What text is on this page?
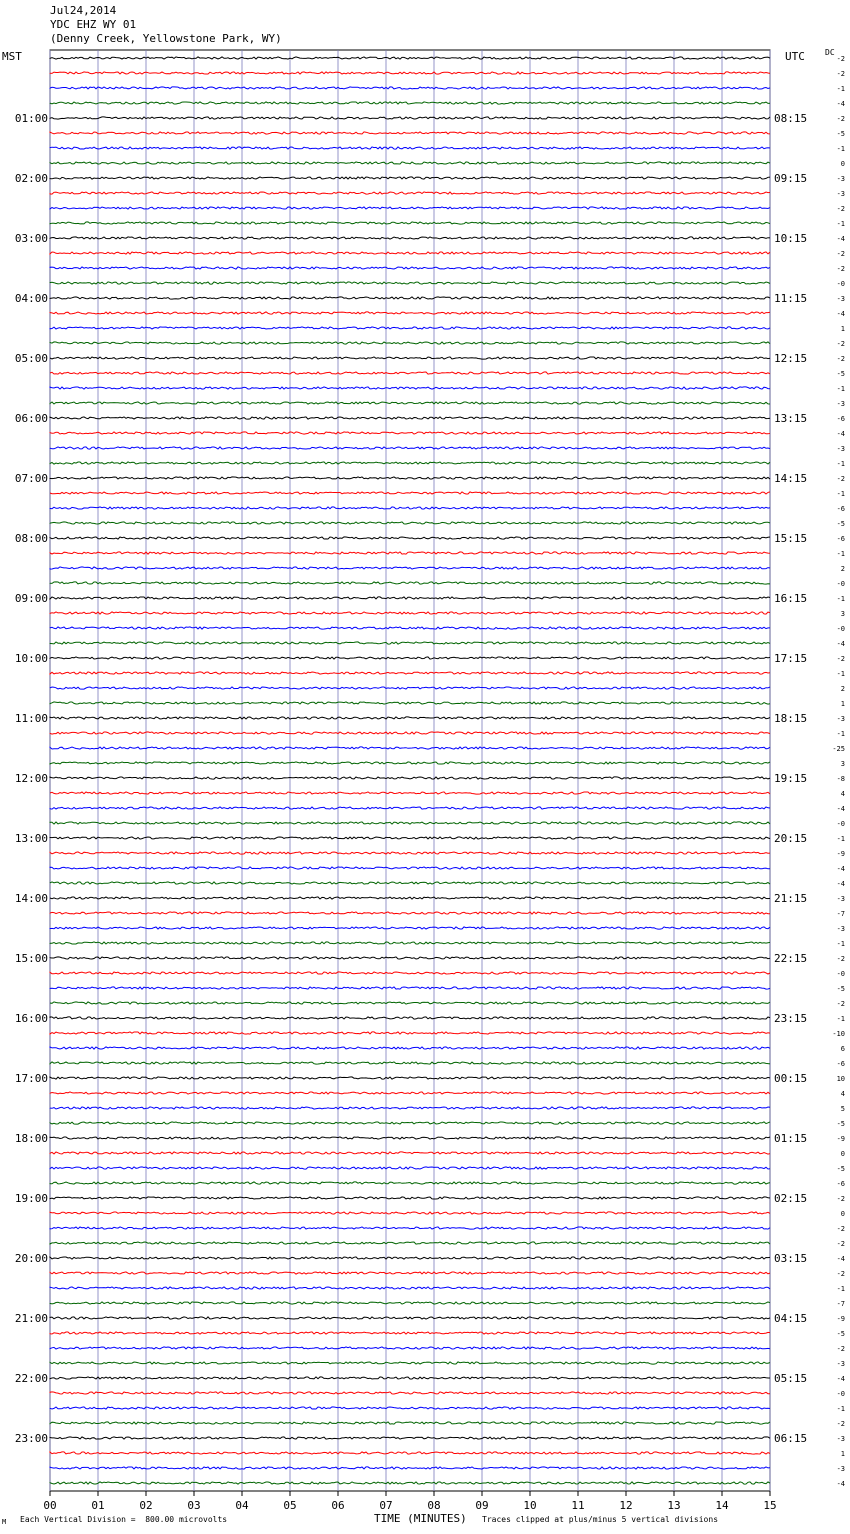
00	01	02	03	04	05	06	07	08	09	10	11	12	13	14	15
-2
-2
-1
-4
-2
-5
-1
0
-3
-3
-2
-1
-4
-2
-2
-0
-3
-4
1
-2
-2
-5
-1
-3
-6
-4
-3
-1
-2
-1
-6
-5
-6
-1
2
-0
-1
3
-0
-4
-2
-1
2
1
-3
-1
-25
3
-8
4
-4
-0
-1
-9
-4
-4
-3
-7
-3
-1
-2
-0
-5
-2
-1
-10
6
-6
10
4
5
-5
-9
0
-5
-6
-2
0
-2
-2
-4
-2
-1
-7
-9
-5
-2
-3
-4
-0
-1
-2
-3
1
-3
-4
01:00
02:00
03:00
04:00
05:00
06:00
07:00
08:00
09:00
10:00
11:00
12:00
13:00
14:00
15:00
16:00
17:00
18:00
19:00
20:00
21:00
22:00
23:00
08:15
09:15
10:15
11:15
12:15
13:15
14:15
15:15
16:15
17:15
18:15
19:15
20:15
21:15
22:15
23:15
00:15
01:15
02:15
03:15
04:15
05:15
06:15
Jul24,2014
YDC EHZ WY 01
(Denny Creek, Yellowstone Park, WY)
MST	UTC	DC
M Each Vertical Division =  800.00 microvolts	TIME (MINUTES) Traces clipped at plus/minus 5 vertical divisions
